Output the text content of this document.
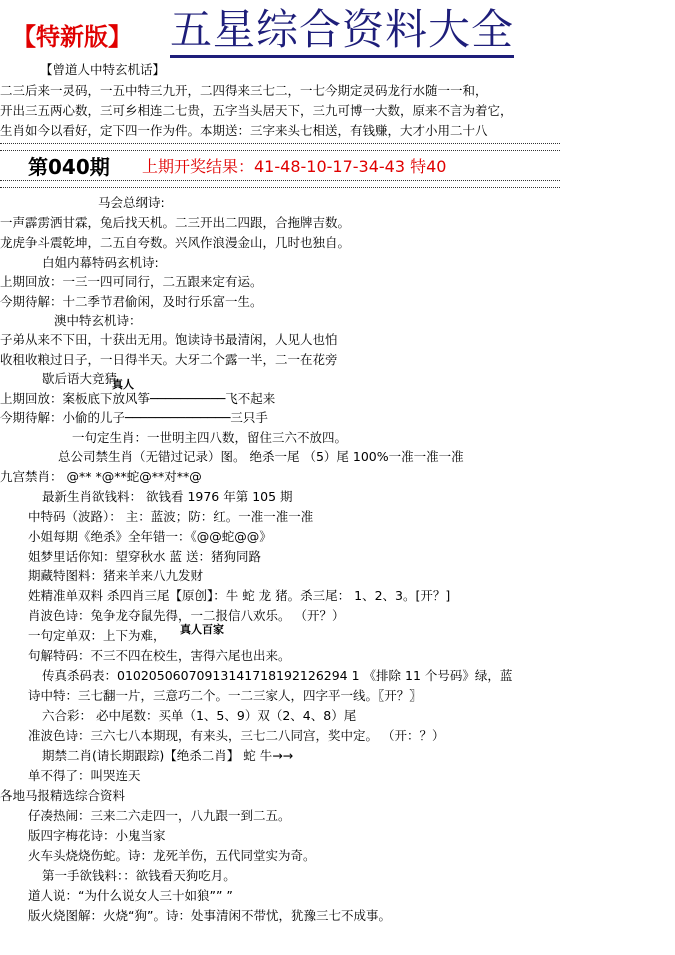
【特新版】 五星综合资料大全
【曾道人中特玄机话】
二三后来一灵码，一五中特三九开，二四得来三七二，一七今期定灵码龙行水随一一和，
开出三五两心数，三可乡相连二七贵，五字当头居天下，三九可博一大数，原来不言为着它，
生肖如今以看好，定下四一作为件。本期送：三字来头七相送，有钱赚，大才小用二十八
第040期 上期开奖结果：41-48-10-17-34-43 特40
马会总纲诗:
一声霹雳洒甘霖，兔后找天机。二三开出二四跟，合拖牌吉数。
龙虎争斗震乾坤，二五自夸数。兴风作浪漫金山，几时也独自。
白姐内幕特码玄机诗:
上期回放：一三一四可同行，二五跟来定有运。
今期待解：十二季节君偷闲，及时行乐富一生。
澳中特玄机诗：
子弟从来不下田，十获出无用。饱读诗书最清闲，人见人也怕
收租收粮过日子，一日得半天。大牙二个露一半，二一在花旁
歇后语大竞猜
真人
上期回放：案板底下放风筝──────────飞不起来
今期待解：小偷的儿子──────────────三只手
一句定生肖：一世明主四八数，留住三六不放四。
总公司禁生肖（无错过记录）图。 绝杀一尾 （5）尾 100%一准一准一准
九宫禁肖： @** *@**蛇@**对**@
最新生肖欲钱料： 欲钱看 1976 年第 105 期
中特码（波路）： 主：蓝波；防：红。一准一准一准
小姐每期《绝杀》全年错一：《@@蛇@@》
姐梦里话你知：望穿秋水 蓝 送：猪狗同路
期藏特图料：猪来羊来八九发财
姓精准单双料 杀四肖三尾【原创】：牛 蛇 龙 猪。杀三尾： 1、2、3。[开？]
肖波色诗：兔争龙夺鼠先得，一二报信八欢乐。 （开？）
真人百家
一句定单双：上下为难，
句解特码：不三不四在校生，害得六尾也出来。
传真杀码表：01020506070913141718192126294 1 《排除 11 个号码》绿，蓝
诗中特：三七翻一片，三意巧二个。一二三家人，四字平一线。〖开？〗
六合彩： 必中尾数：买单（1、5、9）双（2、4、8）尾
准波色诗：三六七八本期现，有来头，三七二八同宫，奖中定。 （开：？）
期禁二肖(请长期跟踪)【绝杀二肖】 蛇 牛→→
单不得了：叫哭连天
各地马报精选综合资料
仔凑热闹：三来二六走四一，八九跟一到二五。
版四字梅花诗：小鬼当家
火车头烧烧伤蛇。诗：龙死羊伤，五代同堂实为奇。
第一手欲钱料：：欲钱看天狗吃月。
道人说：“为什么说女人三十如狼”” ”
版火烧图解：火烧“狗”。诗：处事清闲不带忧，犹豫三七不成事。
